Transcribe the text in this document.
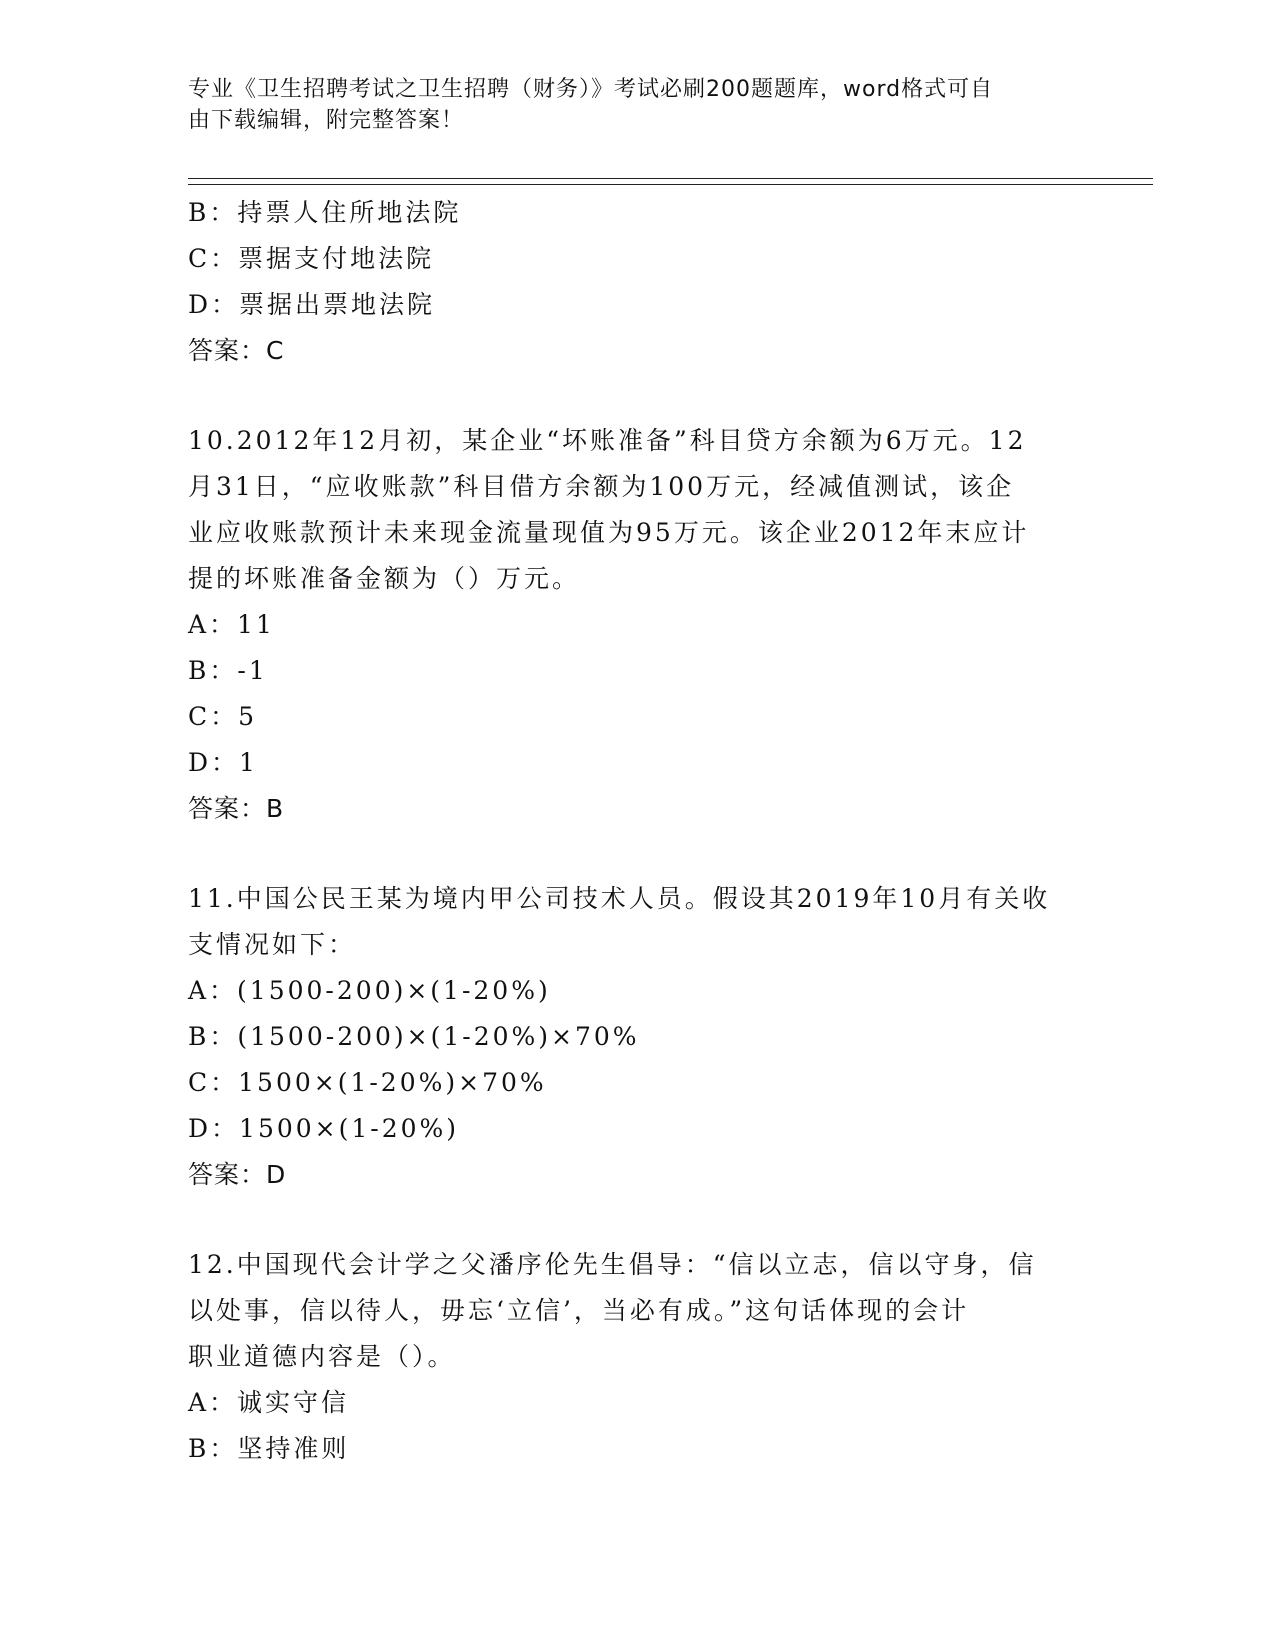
专业《卫生招聘考试之卫生招聘（财务）》考试必刷200题题库，word格式可自
由下载编辑，附完整答案！
B：持票人住所地法院
C：票据支付地法院
D：票据出票地法院
答案：C
10.2012年12月初，某企业“坏账准备”科目贷方余额为6万元。12
月31日，“应收账款”科目借方余额为100万元，经减值测试，该企
业应收账款预计未来现金流量现值为95万元。该企业2012年末应计
提的坏账准备金额为（）万元。
A：11
B：-1
C：5
D：1
答案：B
11.中国公民王某为境内甲公司技术人员。假设其2019年10月有关收
支情况如下：
A：(1500-200)×(1-20%)
B：(1500-200)×(1-20%)×70%
C：1500×(1-20%)×70%
D：1500×(1-20%)
答案：D
12.中国现代会计学之父潘序伦先生倡导：“信以立志，信以守身，信
以处事，信以待人，毋忘‘立信’，当必有成。”这句话体现的会计
职业道德内容是（）。
A：诚实守信
B：坚持准则
